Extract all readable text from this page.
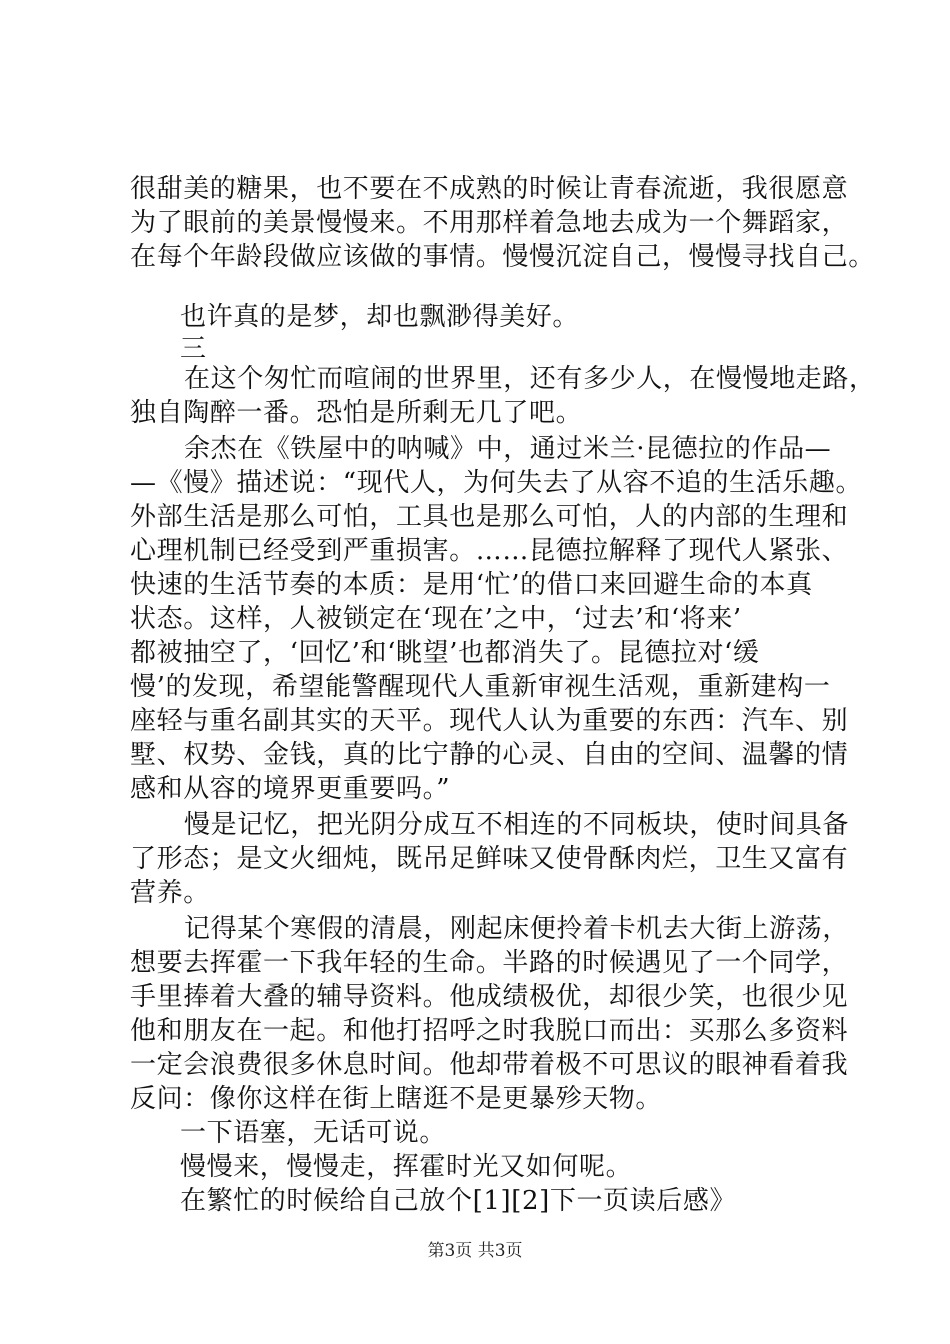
很甜美的糖果，也不要在不成熟的时候让青春流逝，我很愿意
为了眼前的美景慢慢来。不用那样着急地去成为一个舞蹈家，
在每个年龄段做应该做的事情。慢慢沉淀自己，慢慢寻找自己。
也许真的是梦，却也飘渺得美好。
三
在这个匆忙而喧闹的世界里，还有多少人，在慢慢地走路，
独自陶醉一番。恐怕是所剩无几了吧。
余杰在《铁屋中的呐喊》中，通过米兰·昆德拉的作品—
—《慢》描述说：“现代人，为何失去了从容不追的生活乐趣。
外部生活是那么可怕，工具也是那么可怕，人的内部的生理和
心理机制已经受到严重损害。……昆德拉解释了现代人紧张、
快速的生活节奏的本质：是用‘忙’的借口来回避生命的本真
状态。这样，人被锁定在‘现在’之中，‘过去’和‘将来’
都被抽空了，‘回忆’和‘眺望’也都消失了。昆德拉对‘缓
慢’的发现，希望能警醒现代人重新审视生活观，重新建构一
座轻与重名副其实的天平。现代人认为重要的东西：汽车、别
墅、权势、金钱，真的比宁静的心灵、自由的空间、温馨的情
感和从容的境界更重要吗。”
慢是记忆，把光阴分成互不相连的不同板块，使时间具备
了形态；是文火细炖，既吊足鲜味又使骨酥肉烂，卫生又富有
营养。
记得某个寒假的清晨，刚起床便拎着卡机去大街上游荡，
想要去挥霍一下我年轻的生命。半路的时候遇见了一个同学，
手里捧着大叠的辅导资料。他成绩极优，却很少笑，也很少见
他和朋友在一起。和他打招呼之时我脱口而出：买那么多资料
一定会浪费很多休息时间。他却带着极不可思议的眼神看着我
反问：像你这样在街上瞎逛不是更暴殄天物。
一下语塞，无话可说。
慢慢来，慢慢走，挥霍时光又如何呢。
在繁忙的时候给自己放个[1][2]下一页读后感》
第3页 共3页
